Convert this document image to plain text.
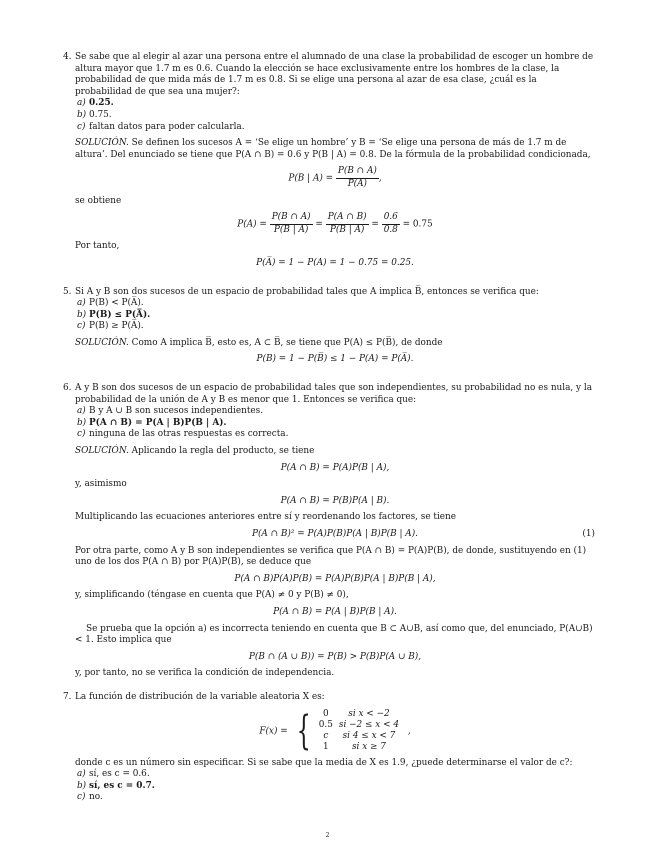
4. Se sabe que al elegir al azar una persona entre el alumnado de una clase la probabilidad de escoger un hombre de altura mayor que 1.7 m es 0.6. Cuando la elección se hace exclusivamente entre los hombres de la clase, la probabilidad de que mida más de 1.7 m es 0.8. Si se elige una persona al azar de esa clase, ¿cuál es la probabilidad de que sea una mujer?:

a) 0.25.
b) 0.75.
c) faltan datos para poder calcularla.

SOLUCIÓN. Se definen los sucesos A = ‘Se elige un hombre’ y B = ‘Se elige una persona de más de 1.7 m de altura’. Del enunciado se tiene que P(A ∩ B) = 0.6 y P(B | A) = 0.8. De la fórmula de la probabilidad condicionada,

P(B | $A) = \frac{P(B \cap A)}{P(A)}$ ,

se obtiene

$P(A) = \frac{P(B \cap A)}{P(B | A)} = \frac{P(A \cap B)}{P(B | A)} = \frac{0.6}{0.8} = 0.75$

Por tanto,

P(A̅) = 1 − P(A) = 1 − 0.75 = 0.25.
5. Si A y B son dos sucesos de un espacio de probabilidad tales que A implica B̅, entonces se verifica que:

a) P(B) < P(A̅).
b) P(B) ≤ P(A̅).
c) P(B) ≥ P(A̅).

SOLUCIÓN. Como A implica B̅, esto es, A ⊂ B̅, se tiene que P(A) ≤ P(B̅), de donde

P(B) = 1 − P(B̅) ≤ 1 − P(A) = P(A̅).
6. A y B son dos sucesos de un espacio de probabilidad tales que son independientes, su probabilidad no es nula, y la probabilidad de la unión de A y B es menor que 1. Entonces se verifica que:

a) B y A ∪ B son sucesos independientes.
b) P(A ∩ B) = P(A | B)P(B | A).
c) ninguna de las otras respuestas es correcta.

SOLUCIÓN. Aplicando la regla del producto, se tiene

P(A ∩ B) = P(A)P(B | A),

y, asimismo

P(A ∩ B) = P(B)P(A | B).

Multiplicando las ecuaciones anteriores entre sí y reordenando los factores, se tiene

P(A ∩ B)² = P(A)P(B)P(A | B)P(B | A).	(1)

Por otra parte, como A y B son independientes se verifica que P(A ∩ B) = P(A)P(B), de donde, sustituyendo en (1) uno de los dos P(A ∩ B) por P(A)P(B), se deduce que

P(A ∩ B)P(A)P(B) = P(A)P(B)P(A | B)P(B | A),

y, simplificando (téngase en cuenta que P(A) ≠ 0 y P(B) ≠ 0),

P(A ∩ B) = P(A | B)P(B | A).

Se prueba que la opción a) es incorrecta teniendo en cuenta que B ⊂ A∪B, así como que, del enunciado, P(A∪B) < 1. Esto implica que

P(B ∩ (A ∪ B)) = P(B) > P(B)P(A ∪ B),

y, por tanto, no se verifica la condición de independencia.

7. La función de distribución de la variable aleatoria X es:

F(x) = { 0	si x < −2
0.5	si −2 ≤ x < 4
c	si 4 ≤ x < 7
1	si x ≥ 7 ,

donde c es un número sin especificar. Si se sabe que la media de X es 1.9, ¿puede determinarse el valor de c?:

a) sí, es c = 0.6.
b) sí, es c = 0.7.
c) no.
2
